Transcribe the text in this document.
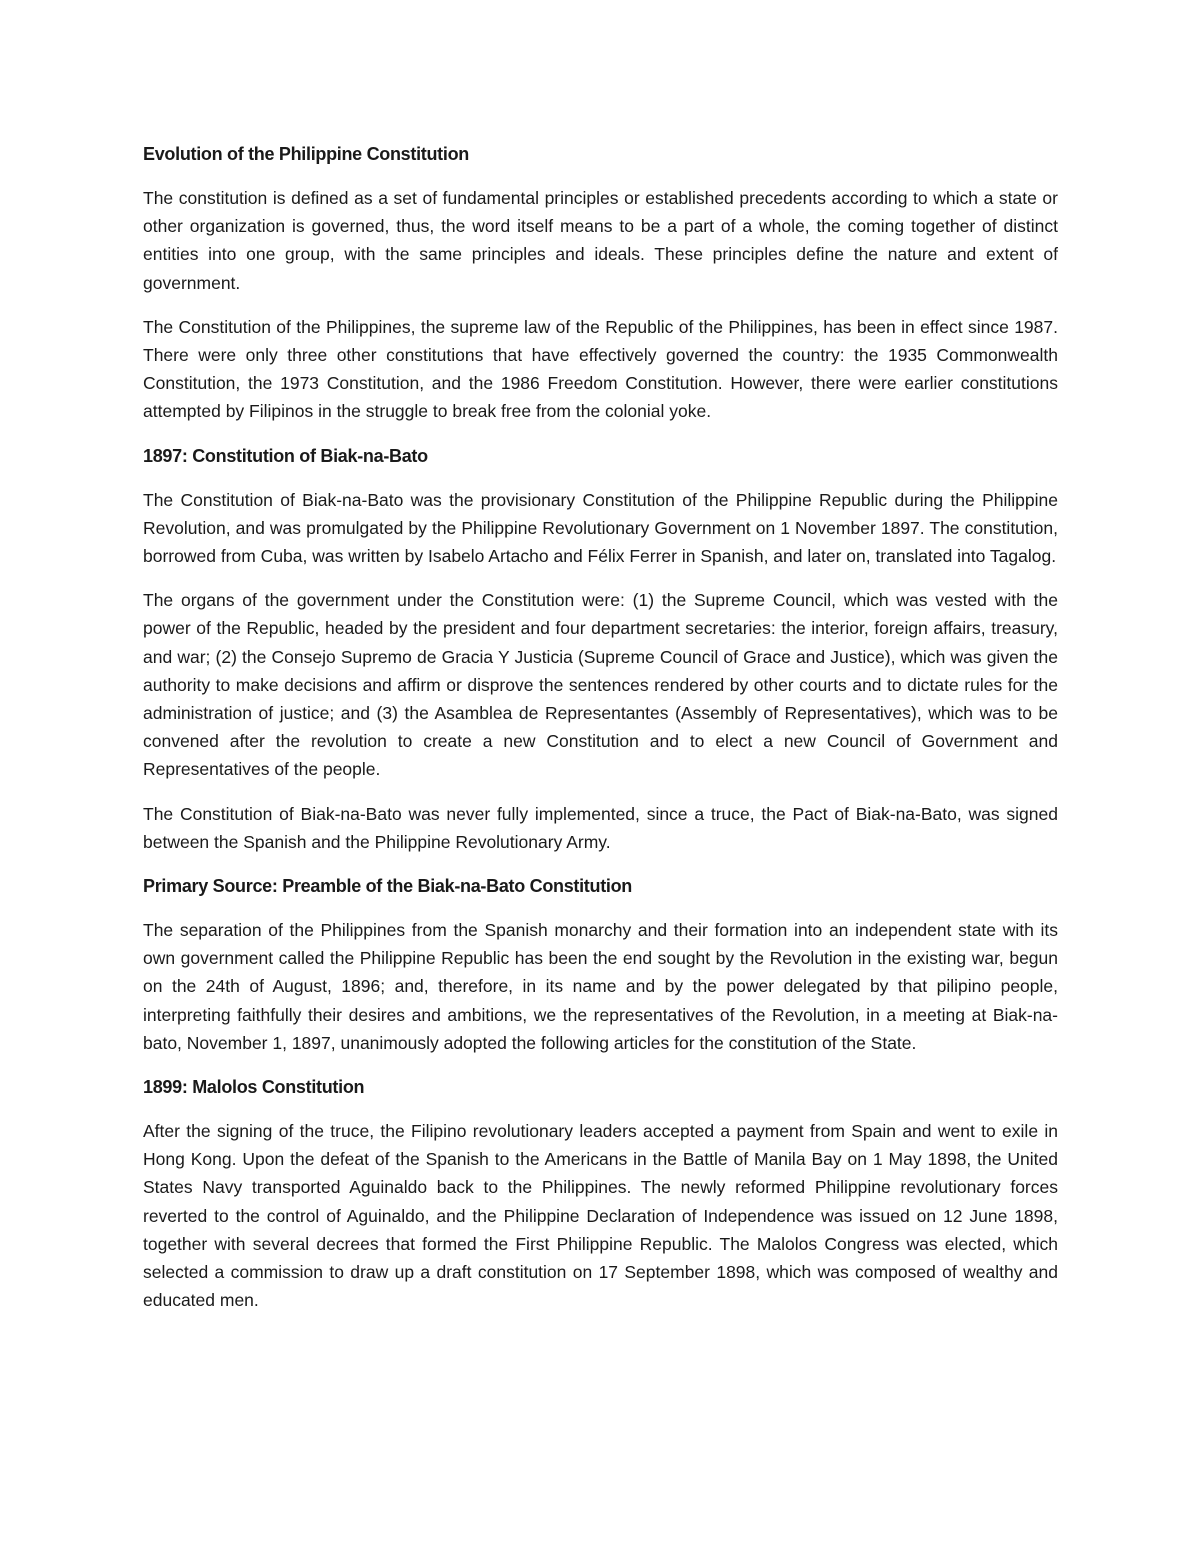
Evolution of the Philippine Constitution

The constitution is defined as a set of fundamental principles or established precedents according to which a state or other organization is governed, thus, the word itself means to be a part of a whole, the coming together of distinct entities into one group, with the same principles and ideals. These principles define the nature and extent of government.

The Constitution of the Philippines, the supreme law of the Republic of the Philippines, has been in effect since 1987. There were only three other constitutions that have effectively governed the country: the 1935 Commonwealth Constitution, the 1973 Constitution, and the 1986 Freedom Constitution. However, there were earlier constitutions attempted by Filipinos in the struggle to break free from the colonial yoke.

1897: Constitution of Biak-na-Bato

The Constitution of Biak-na-Bato was the provisionary Constitution of the Philippine Republic during the Philippine Revolution, and was promulgated by the Philippine Revolutionary Government on 1 November 1897. The constitution, borrowed from Cuba, was written by Isabelo Artacho and Félix Ferrer in Spanish, and later on, translated into Tagalog.

The organs of the government under the Constitution were: (1) the Supreme Council, which was vested with the power of the Republic, headed by the president and four department secretaries: the interior, foreign affairs, treasury, and war; (2) the Consejo Supremo de Gracia Y Justicia (Supreme Council of Grace and Justice), which was given the authority to make decisions and affirm or disprove the sentences rendered by other courts and to dictate rules for the administration of justice; and (3) the Asamblea de Representantes (Assembly of Representatives), which was to be convened after the revolution to create a new Constitution and to elect a new Council of Government and Representatives of the people.

The Constitution of Biak-na-Bato was never fully implemented, since a truce, the Pact of Biak-na-Bato, was signed between the Spanish and the Philippine Revolutionary Army.

Primary Source: Preamble of the Biak-na-Bato Constitution

The separation of the Philippines from the Spanish monarchy and their formation into an independent state with its own government called the Philippine Republic has been the end sought by the Revolution in the existing war, begun on the 24th of August, 1896; and, therefore, in its name and by the power delegated by that pilipino people, interpreting faithfully their desires and ambitions, we the representatives of the Revolution, in a meeting at Biak-na-bato, November 1, 1897, unanimously adopted the following articles for the constitution of the State.

1899: Malolos Constitution

After the signing of the truce, the Filipino revolutionary leaders accepted a payment from Spain and went to exile in Hong Kong. Upon the defeat of the Spanish to the Americans in the Battle of Manila Bay on 1 May 1898, the United States Navy transported Aguinaldo back to the Philippines. The newly reformed Philippine revolutionary forces reverted to the control of Aguinaldo, and the Philippine Declaration of Independence was issued on 12 June 1898, together with several decrees that formed the First Philippine Republic. The Malolos Congress was elected, which selected a commission to draw up a draft constitution on 17 September 1898, which was composed of wealthy and educated men.
